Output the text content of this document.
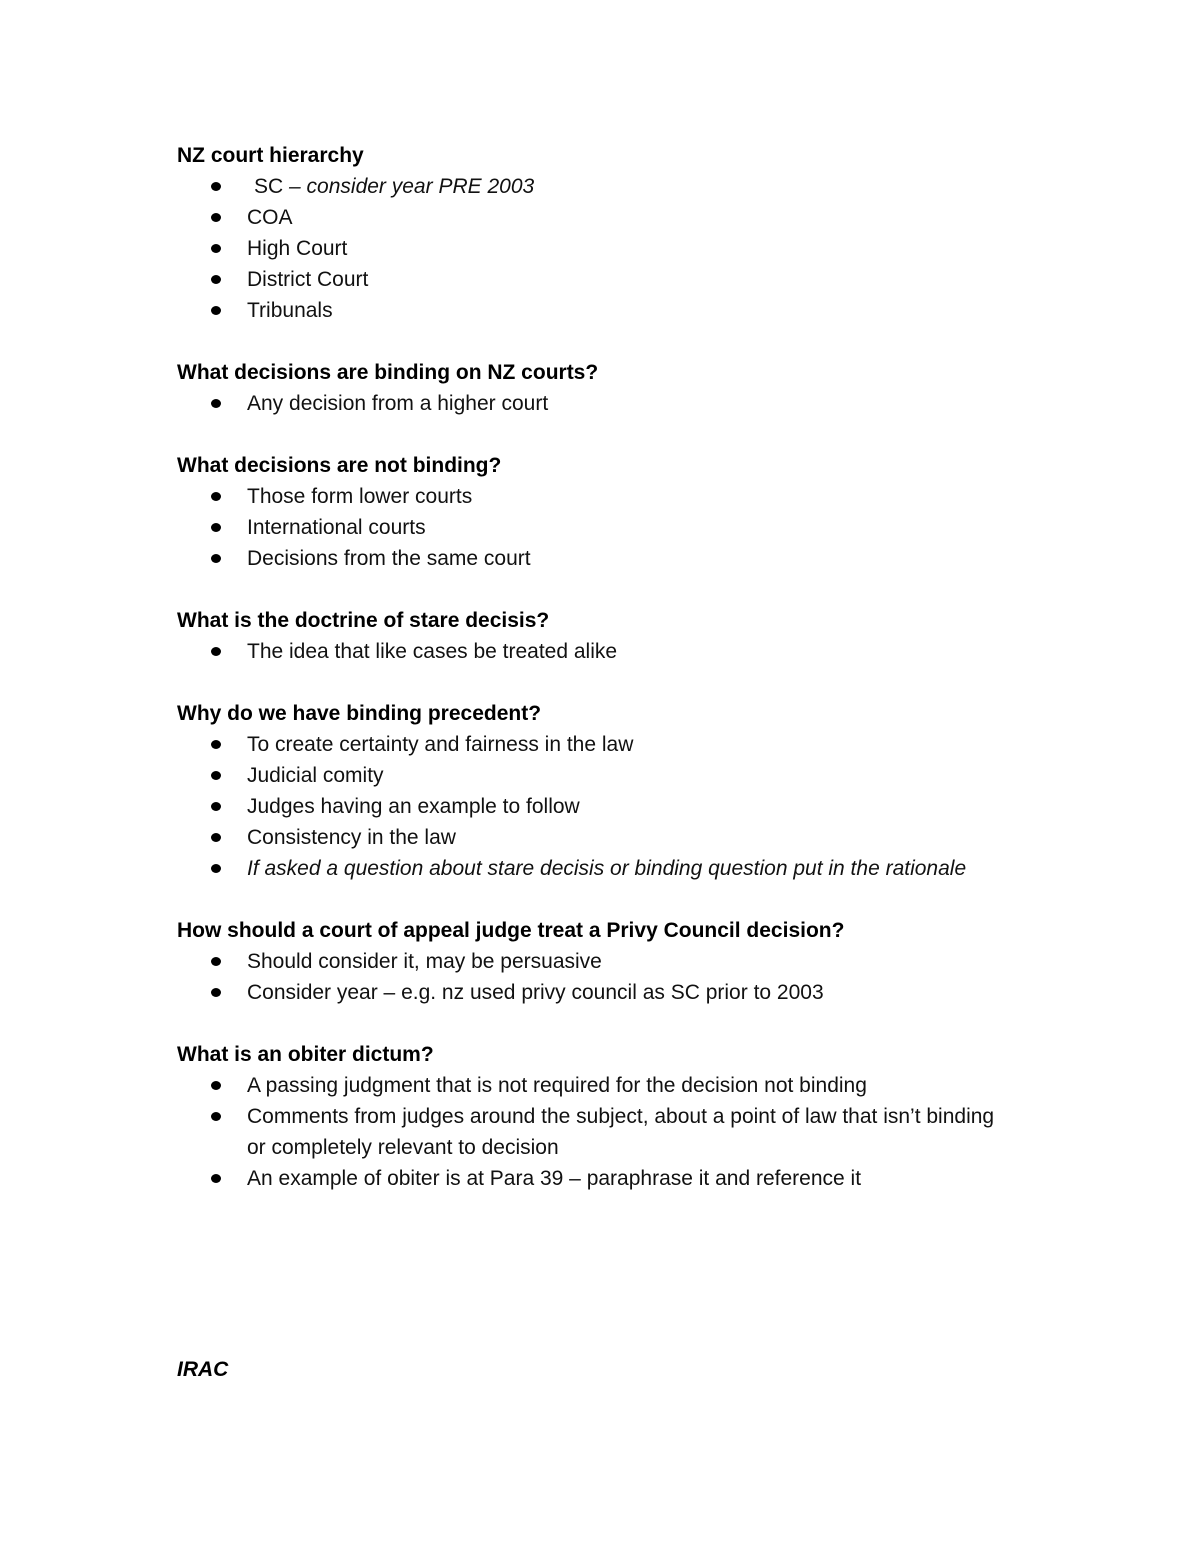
NZ court hierarchy
SC – consider year PRE 2003
COA
High Court
District Court
Tribunals
What decisions are binding on NZ courts?
Any decision from a higher court
What decisions are not binding?
Those form lower courts
International courts
Decisions from the same court
What is the doctrine of stare decisis?
The idea that like cases be treated alike
Why do we have binding precedent?
To create certainty and fairness in the law
Judicial comity
Judges having an example to follow
Consistency in the law
If asked a question about stare decisis or binding question put in the rationale
How should a court of appeal judge treat a Privy Council decision?
Should consider it, may be persuasive
Consider year – e.g. nz used privy council as SC prior to 2003
What is an obiter dictum?
A passing judgment that is not required for the decision not binding
Comments from judges around the subject, about a point of law that isn’t binding or completely relevant to decision
An example of obiter is at Para 39 – paraphrase it and reference it
IRAC
